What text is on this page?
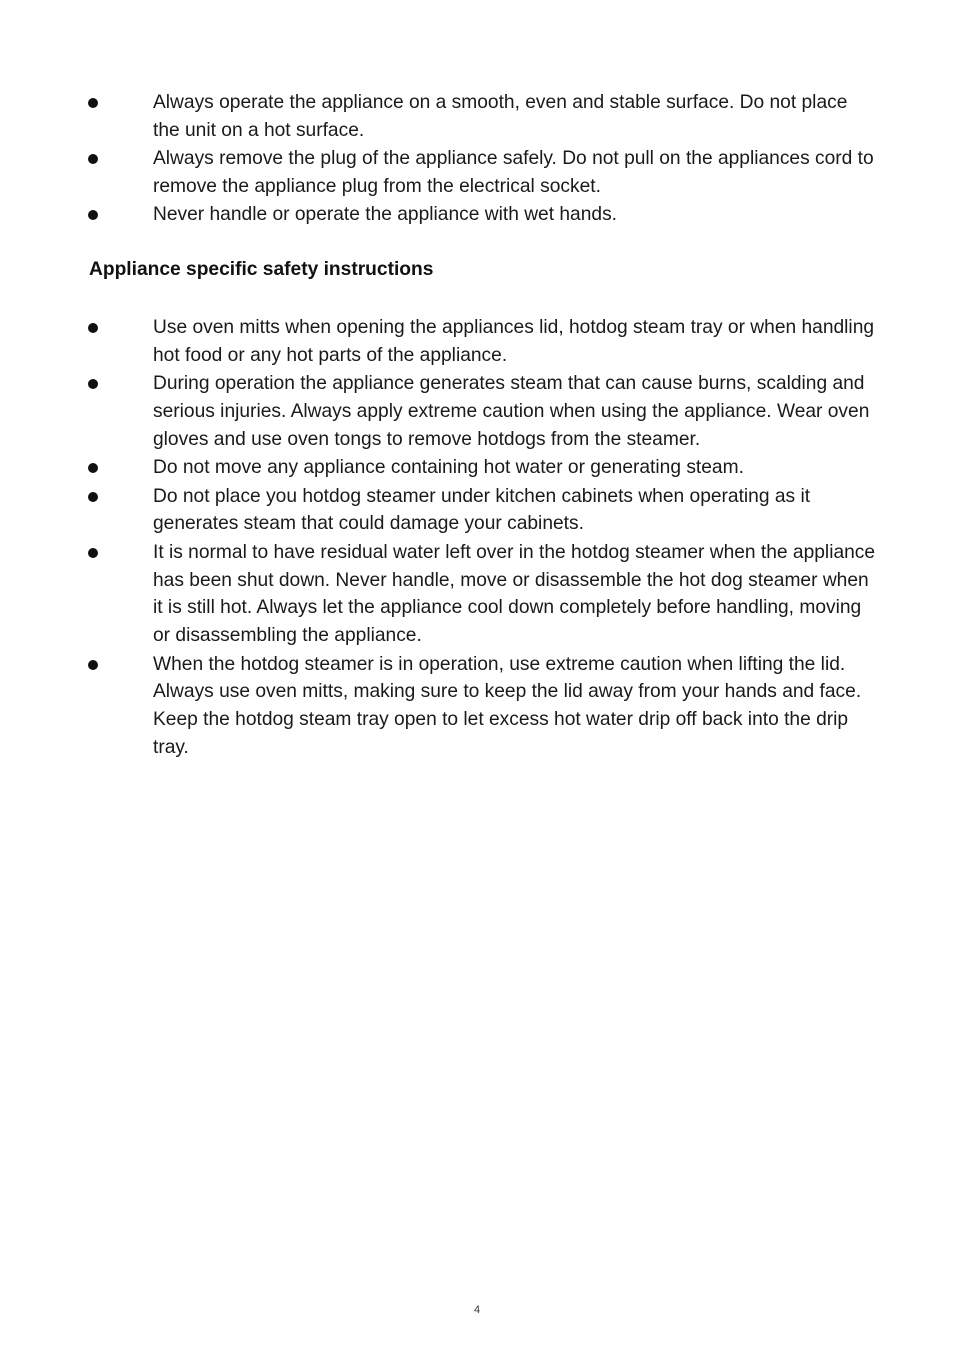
Always operate the appliance on a smooth, even and stable surface. Do not place the unit on a hot surface.
Always remove the plug of the appliance safely. Do not pull on the appliances cord to remove the appliance plug from the electrical socket.
Never handle or operate the appliance with wet hands.
Appliance specific safety instructions
Use oven mitts when opening the appliances lid, hotdog steam tray or when handling hot food or any hot parts of the appliance.
During operation the appliance generates steam that can cause burns, scalding and serious injuries. Always apply extreme caution when using the appliance. Wear oven gloves and use oven tongs to remove hotdogs from the steamer.
Do not move any appliance containing hot water or generating steam.
Do not place you hotdog steamer under kitchen cabinets when operating as it generates steam that could damage your cabinets.
It is normal to have residual water left over in the hotdog steamer when the appliance has been shut down. Never handle, move or disassemble the hot dog steamer when it is still hot. Always let the appliance cool down completely before handling, moving or disassembling the appliance.
When the hotdog steamer is in operation, use extreme caution when lifting the lid. Always use oven mitts, making sure to keep the lid away from your hands and face. Keep the hotdog steam tray open to let excess hot water drip off back into the drip tray.
4
